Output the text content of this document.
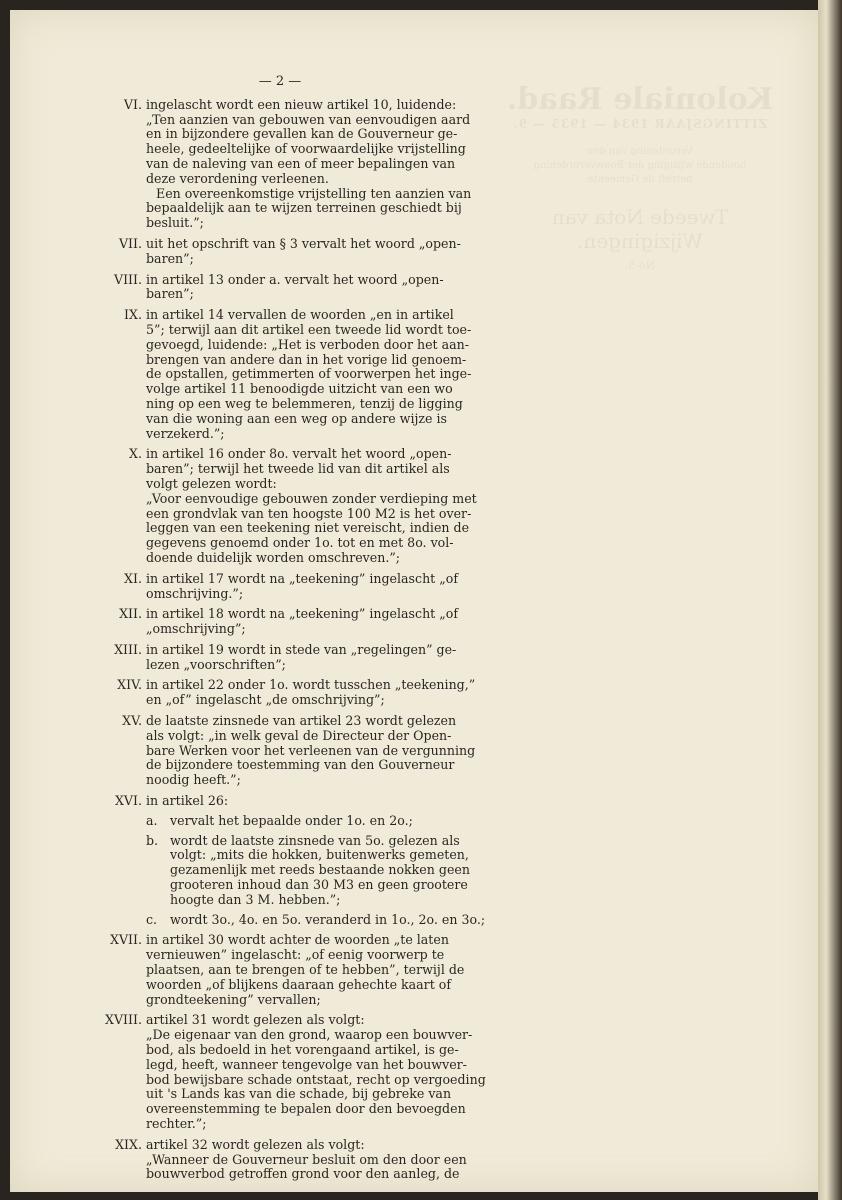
Koloniale Raad.
ZITTINGSJAAR 1934 — 1935 — 9.
Verordening van den
houdende wijziging der Bouwverordening
betreft de Gemeente
Tweede Nota van Wijzigingen.
No 5.
— 2 —
VI. ingelascht wordt een nieuw artikel 10, luidende:
„Ten aanzien van gebouwen van eenvoudigen aard
en in bijzondere gevallen kan de Gouverneur ge-
heele, gedeeltelijke of voorwaardelijke vrijstelling
van de naleving van een of meer bepalingen van
deze verordening verleenen.
Een overeenkomstige vrijstelling ten aanzien van
bepaaldelijk aan te wijzen terreinen geschiedt bij
besluit.”;
VII. uit het opschrift van § 3 vervalt het woord „open-
baren”;
VIII. in artikel 13 onder a. vervalt het woord „open-
baren”;
IX. in artikel 14 vervallen de woorden „en in artikel
5”; terwijl aan dit artikel een tweede lid wordt toe-
gevoegd, luidende: „Het is verboden door het aan-
brengen van andere dan in het vorige lid genoem-
de opstallen, getimmerten of voorwerpen het inge-
volge artikel 11 benoodigde uitzicht van een wo
ning op een weg te belemmeren, tenzij de ligging
van die woning aan een weg op andere wijze is
verzekerd.”;
X. in artikel 16 onder 8o. vervalt het woord „open-
baren”; terwijl het tweede lid van dit artikel als
volgt gelezen wordt:
„Voor eenvoudige gebouwen zonder verdieping met
een grondvlak van ten hoogste 100 M2 is het over-
leggen van een teekening niet vereischt, indien de
gegevens genoemd onder 1o. tot en met 8o. vol-
doende duidelijk worden omschreven.”;
XI. in artikel 17 wordt na „teekening” ingelascht „of
omschrijving.”;
XII. in artikel 18 wordt na „teekening” ingelascht „of
„omschrijving”;
XIII. in artikel 19 wordt in stede van „regelingen” ge-
lezen „voorschriften”;
XIV. in artikel 22 onder 1o. wordt tusschen „teekening,”
en „of” ingelascht „de omschrijving”;
XV. de laatste zinsnede van artikel 23 wordt gelezen
als volgt: „in welk geval de Directeur der Open-
bare Werken voor het verleenen van de vergunning
de bijzondere toestemming van den Gouverneur
noodig heeft.”;
XVI. in artikel 26:
a. vervalt het bepaalde onder 1o. en 2o.;
b. wordt de laatste zinsnede van 5o. gelezen als
volgt: „mits die hokken, buitenwerks gemeten,
gezamenlijk met reeds bestaande nokken geen
grooteren inhoud dan 30 M3 en geen grootere
hoogte dan 3 M. hebben.”;
c.	wordt 3o., 4o. en 5o. veranderd in 1o., 2o. en 3o.;
XVII. in artikel 30 wordt achter de woorden „te laten
vernieuwen” ingelascht: „of eenig voorwerp te
plaatsen, aan te brengen of te hebben”, terwijl de
woorden „of blijkens daaraan gehechte kaart of
grondteekening” vervallen;
XVIII. artikel 31 wordt gelezen als volgt:
„De eigenaar van den grond, waarop een bouwver-
bod, als bedoeld in het vorengaand artikel, is ge-
legd, heeft, wanneer tengevolge van het bouwver-
bod bewijsbare schade ontstaat, recht op vergoeding
uit 's Lands kas van die schade, bij gebreke van
overeenstemming te bepalen door den bevoegden
rechter.”;
XIX. artikel 32 wordt gelezen als volgt:
„Wanneer de Gouverneur besluit om den door een
bouwverbod getroffen grond voor den aanleg, de
